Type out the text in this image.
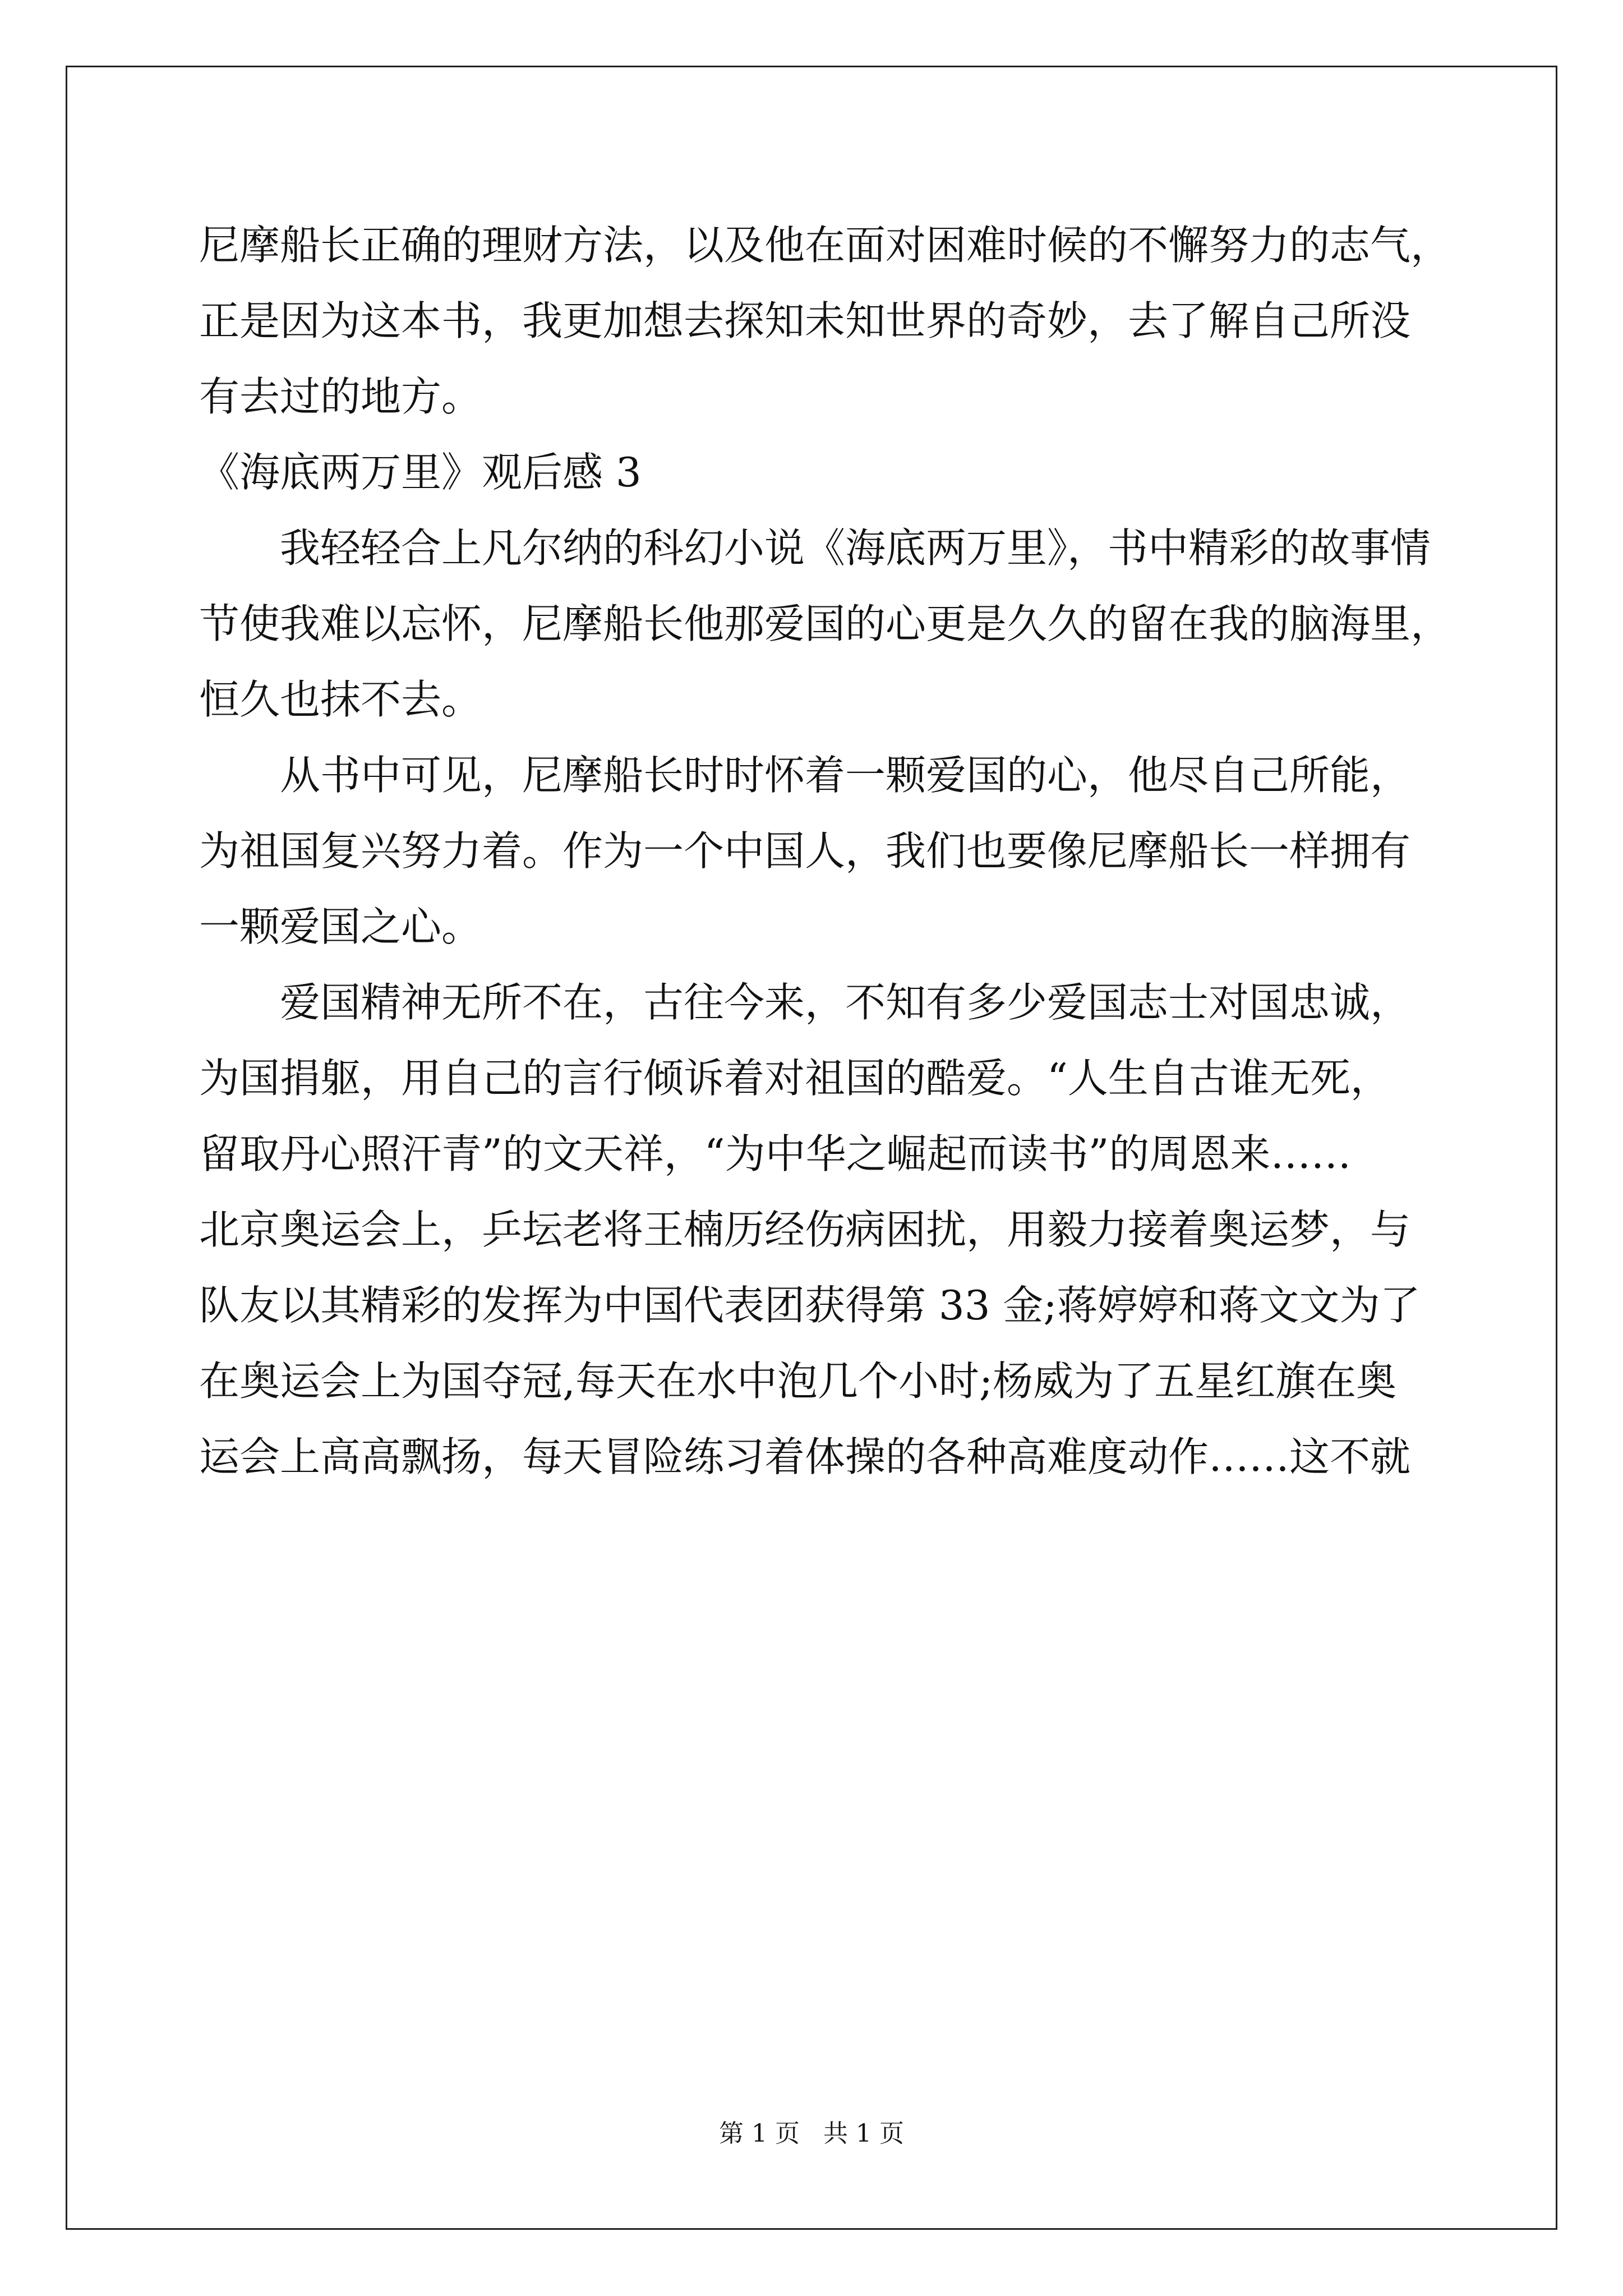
尼摩船长正确的理财方法，以及他在面对困难时候的不懈努力的志气，
正是因为这本书，我更加想去探知未知世界的奇妙，去了解自己所没
有去过的地方。
《海底两万里》观后感 3
　　我轻轻合上凡尔纳的科幻小说《海底两万里》，书中精彩的故事情
节使我难以忘怀，尼摩船长他那爱国的心更是久久的留在我的脑海里，
恒久也抹不去。
　　从书中可见，尼摩船长时时怀着一颗爱国的心，他尽自己所能，
为祖国复兴努力着。作为一个中国人，我们也要像尼摩船长一样拥有
一颗爱国之心。
　　爱国精神无所不在，古往今来，不知有多少爱国志士对国忠诚，
为国捐躯，用自己的言行倾诉着对祖国的酷爱。“人生自古谁无死，
留取丹心照汗青”的文天祥，“为中华之崛起而读书”的周恩来……
北京奥运会上，乒坛老将王楠历经伤病困扰，用毅力接着奥运梦，与
队友以其精彩的发挥为中国代表团获得第 33 金;蒋婷婷和蒋文文为了
在奥运会上为国夺冠,每天在水中泡几个小时;杨威为了五星红旗在奥
运会上高高飘扬，每天冒险练习着体操的各种高难度动作……这不就
第 1 页   共 1 页
